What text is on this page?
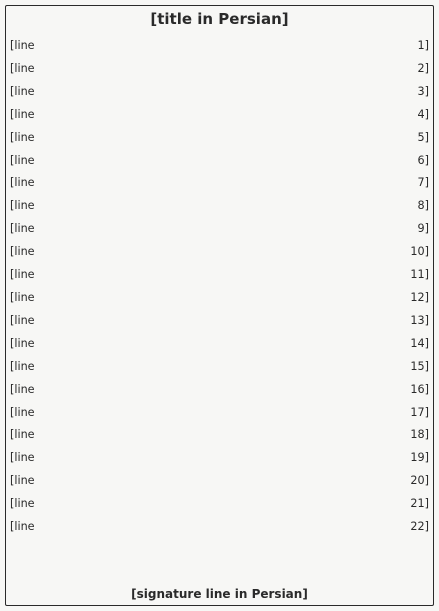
[title in Persian]
[line 1]
[line 2]
[line 3]
[line 4]
[line 5]
[line 6]
[line 7]
[line 8]
[line 9]
[line 10]
[line 11]
[line 12]
[line 13]
[line 14]
[line 15]
[line 16]
[line 17]
[line 18]
[line 19]
[line 20]
[line 21]
[line 22]
[signature line in Persian]
